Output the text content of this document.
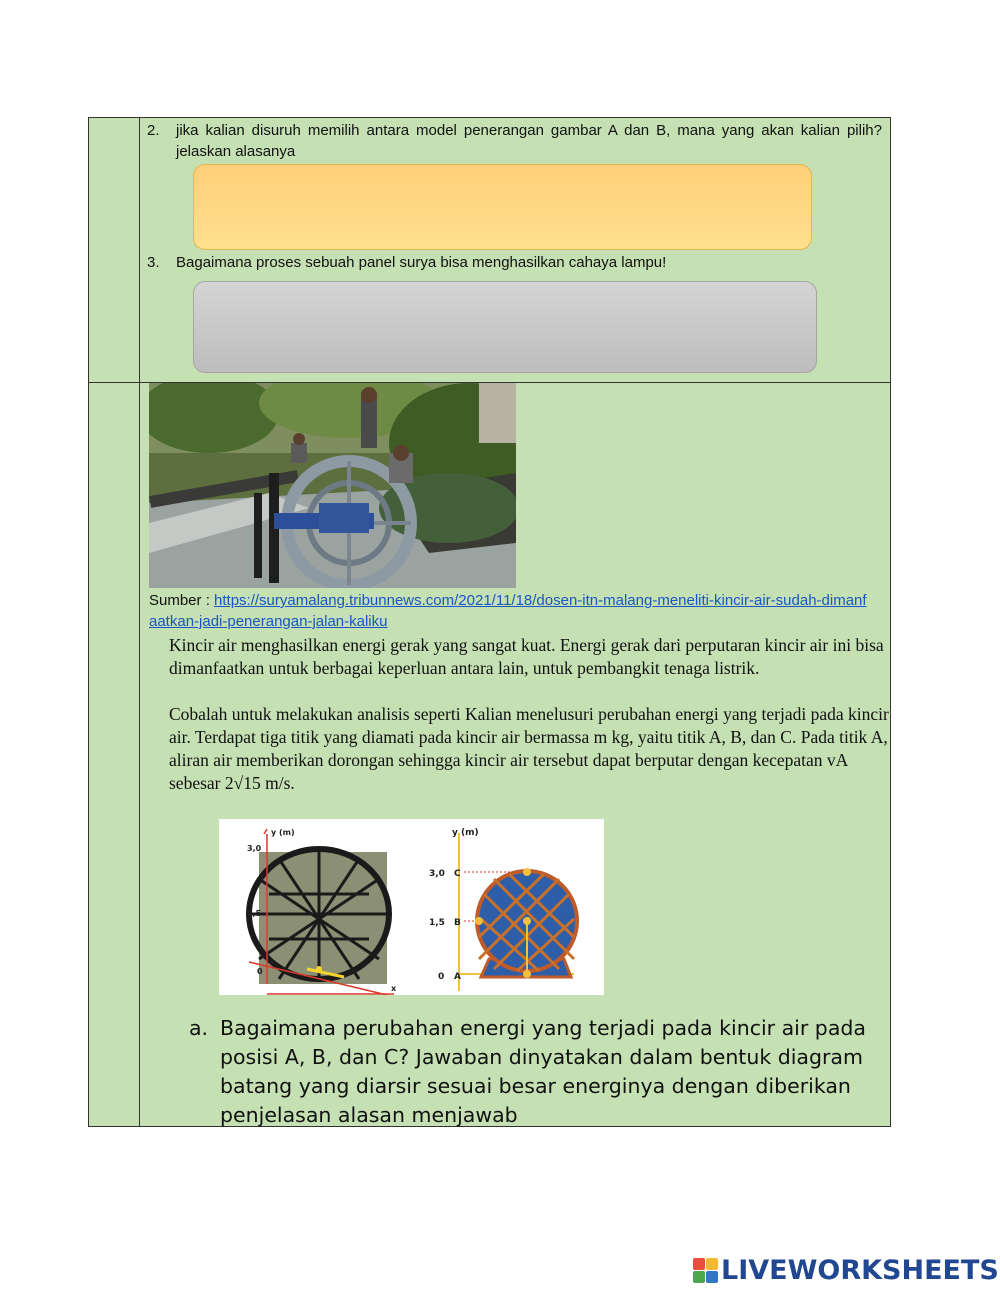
2. jika kalian disuruh memilih antara model penerangan gambar A dan B, mana yang akan kalian pilih?jelaskan alasanya
3. Bagaimana proses sebuah panel surya bisa menghasilkan cahaya lampu!
Sumber : https://suryamalang.tribunnews.com/2021/11/18/dosen-itn-malang-meneliti-kincir-air-sudah-dimanfaatkan-jadi-penerangan-jalan-kaliku
Kincir air menghasilkan energi gerak yang sangat kuat. Energi gerak dari perputaran kincir air ini bisa dimanfaatkan untuk berbagai keperluan antara lain, untuk pembangkit tenaga listrik.
Cobalah untuk melakukan analisis seperti Kalian menelusuri perubahan energi yang terjadi pada kincir air. Terdapat tiga titik yang diamati pada kincir air bermassa m kg, yaitu titik A, B, dan C. Pada titik A, aliran air memberikan dorongan sehingga kincir air tersebut dapat berputar dengan kecepatan vA sebesar 2√15 m/s.
y (m)
3,0
1,5
0
x
y (m)
3,0
1,5
0
C
B
A
a. Bagaimana perubahan energi yang terjadi pada kincir air pada posisi A, B, dan C? Jawaban dinyatakan dalam bentuk diagram batang yang diarsir sesuai besar energinya dengan diberikan penjelasan alasan menjawab
LIVEWORKSHEETS
